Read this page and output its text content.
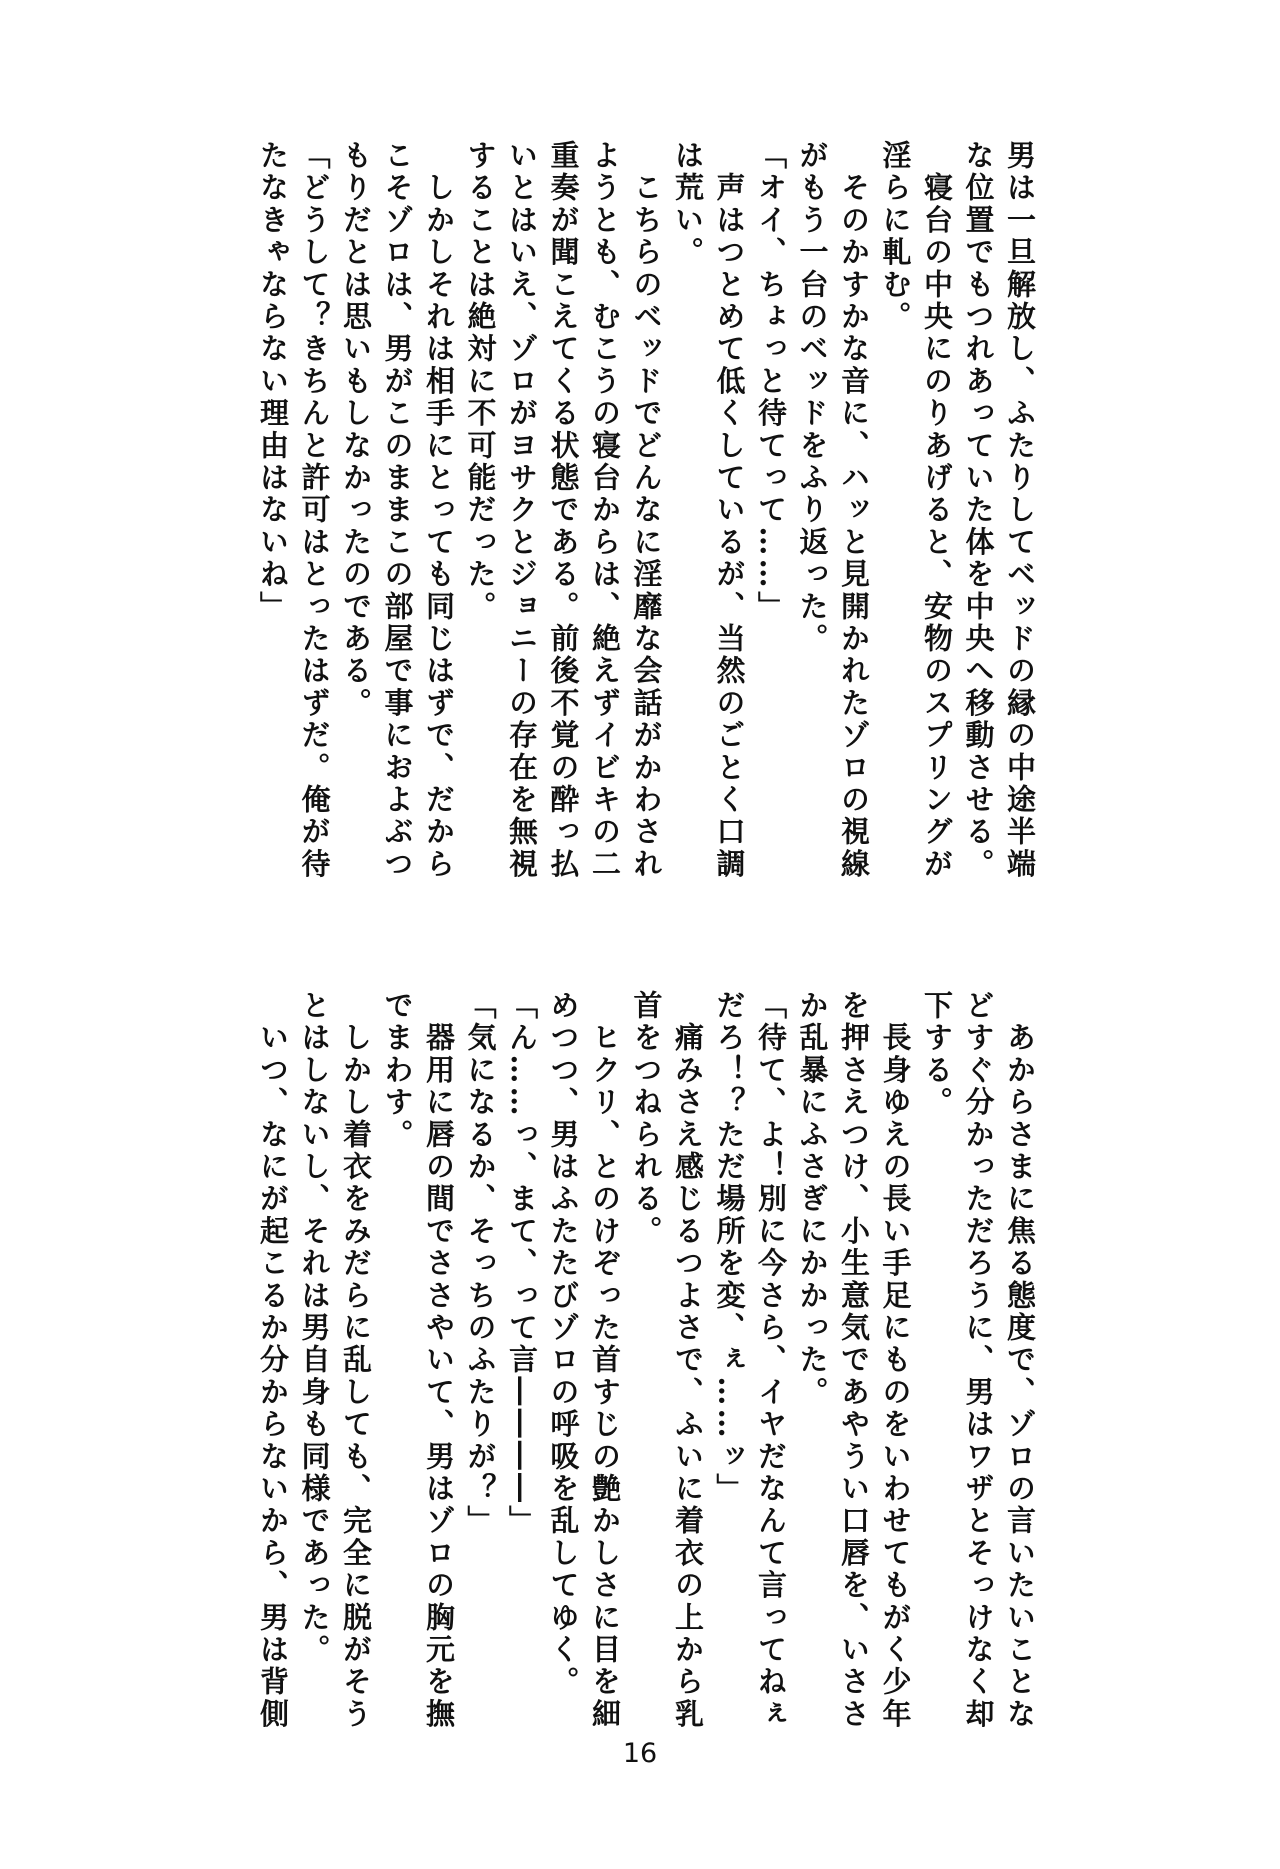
男は一旦解放し、ふたりしてベッドの縁の中途半端
な位置でもつれあっていた体を中央へ移動させる。
　寝台の中央にのりあげると、安物のスプリングが
淫らに軋む。
　そのかすかな音に、ハッと見開かれたゾロの視線
がもう一台のベッドをふり返った。
「オイ、ちょっと待てって……」
　声はつとめて低くしているが、当然のごとく口調
は荒い。
　こちらのベッドでどんなに淫靡な会話がかわされ
ようとも、むこうの寝台からは、絶えずイビキの二
重奏が聞こえてくる状態である。前後不覚の酔っ払
いとはいえ、ゾロがヨサクとジョニーの存在を無視
することは絶対に不可能だった。
　しかしそれは相手にとっても同じはずで、だから
こそゾロは、男がこのままこの部屋で事におよぶつ
もりだとは思いもしなかったのである。
「どうして？きちんと許可はとったはずだ。俺が待
たなきゃならない理由はないね」
　あからさまに焦る態度で、ゾロの言いたいことな
どすぐ分かっただろうに、男はワザとそっけなく却
下する。
　長身ゆえの長い手足にものをいわせてもがく少年
を押さえつけ、小生意気であやうい口唇を、いささ
か乱暴にふさぎにかかった。
「待て、よ！別に今さら、イヤだなんて言ってねぇ
だろ！？ただ場所を変、ぇ……ッ」
　痛みさえ感じるつよさで、ふいに着衣の上から乳
首をつねられる。
　ヒクリ、とのけぞった首すじの艶かしさに目を細
めつつ、男はふたたびゾロの呼吸を乱してゆく。
「ん……っ、まて、って言――――」
「気になるか、そっちのふたりが？」
　器用に唇の間でささやいて、男はゾロの胸元を撫
でまわす。
　しかし着衣をみだらに乱しても、完全に脱がそう
とはしないし、それは男自身も同様であった。
　いつ、なにが起こるか分からないから、男は背側
16
